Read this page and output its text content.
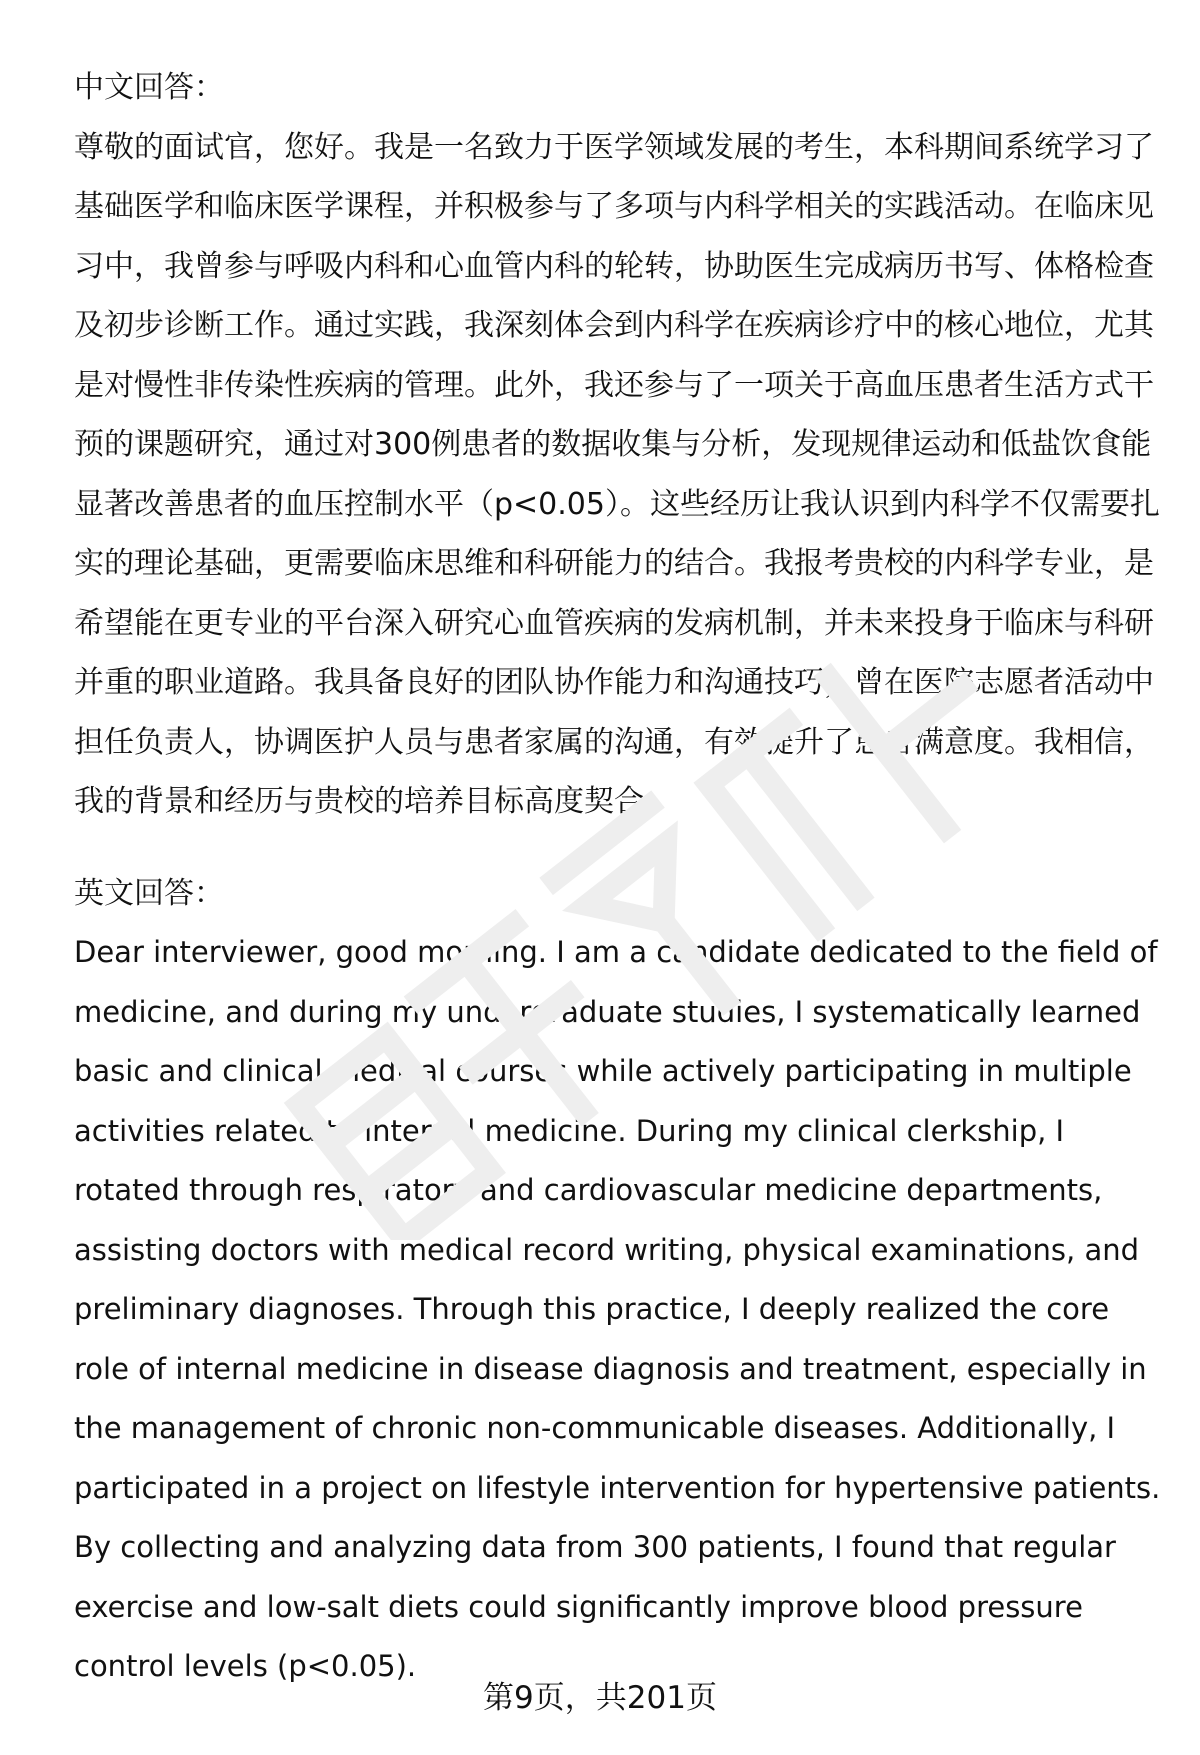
中文回答：

尊敬的面试官，您好。我是一名致力于医学领域发展的考生，本科期间系统学习了基础医学和临床医学课程，并积极参与了多项与内科学相关的实践活动。在临床见习中，我曾参与呼吸内科和心血管内科的轮转，协助医生完成病历书写、体格检查及初步诊断工作。通过实践，我深刻体会到内科学在疾病诊疗中的核心地位，尤其是对慢性非传染性疾病的管理。此外，我还参与了一项关于高血压患者生活方式干预的课题研究，通过对300例患者的数据收集与分析，发现规律运动和低盐饮食能显著改善患者的血压控制水平（p<0.05）。这些经历让我认识到内科学不仅需要扎实的理论基础，更需要临床思维和科研能力的结合。我报考贵校的内科学专业，是希望能在更专业的平台深入研究心血管疾病的发病机制，并未来投身于临床与科研并重的职业道路。我具备良好的团队协作能力和沟通技巧，曾在医院志愿者活动中担任负责人，协调医护人员与患者家属的沟通，有效提升了患者满意度。我相信，我的背景和经历与贵校的培养目标高度契合。

英文回答：

Dear interviewer, good morning. I am a candidate dedicated to the field of medicine, and during my undergraduate studies, I systematically learned basic and clinical medical courses while actively participating in multiple activities related to internal medicine. During my clinical clerkship, I rotated through respiratory and cardiovascular medicine departments, assisting doctors with medical record writing, physical examinations, and preliminary diagnoses. Through this practice, I deeply realized the core role of internal medicine in disease diagnosis and treatment, especially in the management of chronic non-communicable diseases. Additionally, I participated in a project on lifestyle intervention for hypertensive patients. By collecting and analyzing data from 300 patients, I found that regular exercise and low-salt diets could significantly improve blood pressure control levels (p<0.05).

第9页，共201页
